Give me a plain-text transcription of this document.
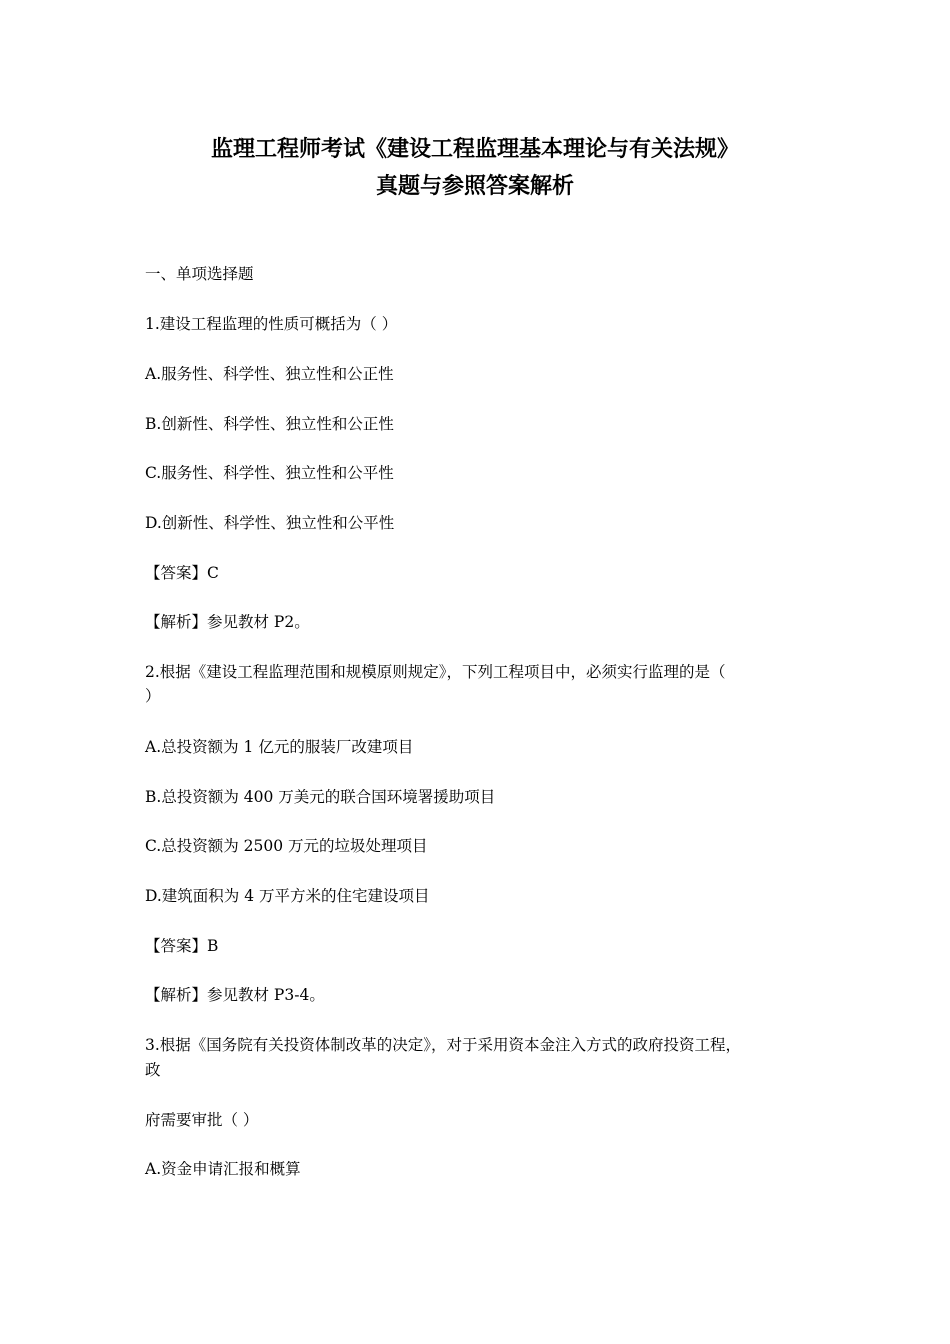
监理工程师考试《建设工程监理基本理论与有关法规》
真题与参照答案解析
一、单项选择题
1.建设工程监理的性质可概括为（ ）
A.服务性、科学性、独立性和公正性
B.创新性、科学性、独立性和公正性
C.服务性、科学性、独立性和公平性
D.创新性、科学性、独立性和公平性
【答案】C
【解析】参见教材 P2。
2.根据《建设工程监理范围和规模原则规定》，下列工程项目中，必须实行监理的是（
）
A.总投资额为 1 亿元的服装厂改建项目
B.总投资额为 400 万美元的联合国环境署援助项目
C.总投资额为 2500 万元的垃圾处理项目
D.建筑面积为 4 万平方米的住宅建设项目
【答案】B
【解析】参见教材 P3-4。
3.根据《国务院有关投资体制改革的决定》，对于采用资本金注入方式的政府投资工程，
政
府需要审批（ ）
A.资金申请汇报和概算
